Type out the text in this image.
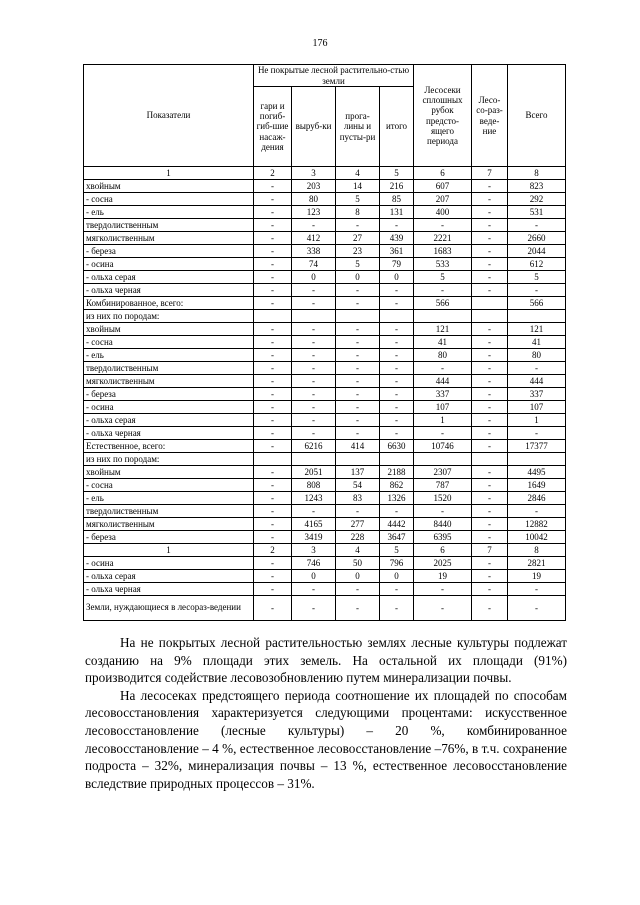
176
Показатели	Не покрытые лесной растительно-стью земли				Лесосеки сплошных рубок предсто-ящего периода	Лесо-со-раз-веде-ние	Всего
	гари и погиб-гиб-шие насаж-дения	выруб-ки	прога-лины и пусты-ри	итого			
1	2	3	4	5	6	7	8
хвойным	-	203	14	216	607	-	823
- сосна	-	80	5	85	207	-	292
- ель	-	123	8	131	400	-	531
твердолиственным	-	-	-	-	-	-	-
мягколиственным	-	412	27	439	2221	-	2660
- береза	-	338	23	361	1683	-	2044
- осина	-	74	5	79	533	-	612
- ольха серая	-	0	0	0	5	-	5
- ольха черная	-	-	-	-	-	-	-
Комбинированное, всего:	-	-	-	-	566		566
из них по породам:							
хвойным	-	-	-	-	121	-	121
- сосна	-	-	-	-	41	-	41
- ель	-	-	-	-	80	-	80
твердолиственным	-	-	-	-	-	-	-
мягколиственным	-	-	-	-	444	-	444
- береза	-	-	-	-	337	-	337
- осина	-	-	-	-	107	-	107
- ольха серая	-	-	-	-	1	-	1
- ольха черная	-	-	-	-	-	-	-
Естественное, всего:	-	6216	414	6630	10746	-	17377
из них по породам:							
хвойным	-	2051	137	2188	2307	-	4495
- сосна	-	808	54	862	787	-	1649
- ель	-	1243	83	1326	1520	-	2846
твердолиственным	-	-	-	-	-	-	-
мягколиственным	-	4165	277	4442	8440	-	12882
- береза	-	3419	228	3647	6395	-	10042
1	2	3	4	5	6	7	8
- осина	-	746	50	796	2025	-	2821
- ольха серая	-	0	0	0	19	-	19
- ольха черная	-	-	-	-	-	-	-
Земли, нуждающиеся в лесораз-ведении	-	-	-	-	-	-	-

На не покрытых лесной растительностью землях лесные культуры подлежат созданию на 9% площади этих земель. На остальной их площади (91%) производится содействие лесовозобновлению путем минерализации почвы.

На лесосеках предстоящего периода соотношение их площадей по способам лесовосстановления характеризуется следующими процентами: искусственное лесовосстановление (лесные культуры) – 20 %, комбинированное лесовосстановление – 4 %, естественное лесовосстановление –76%, в т.ч. сохранение подроста – 32%, минерализация почвы – 13 %, естественное лесовосстановление вследствие природных процессов – 31%.
